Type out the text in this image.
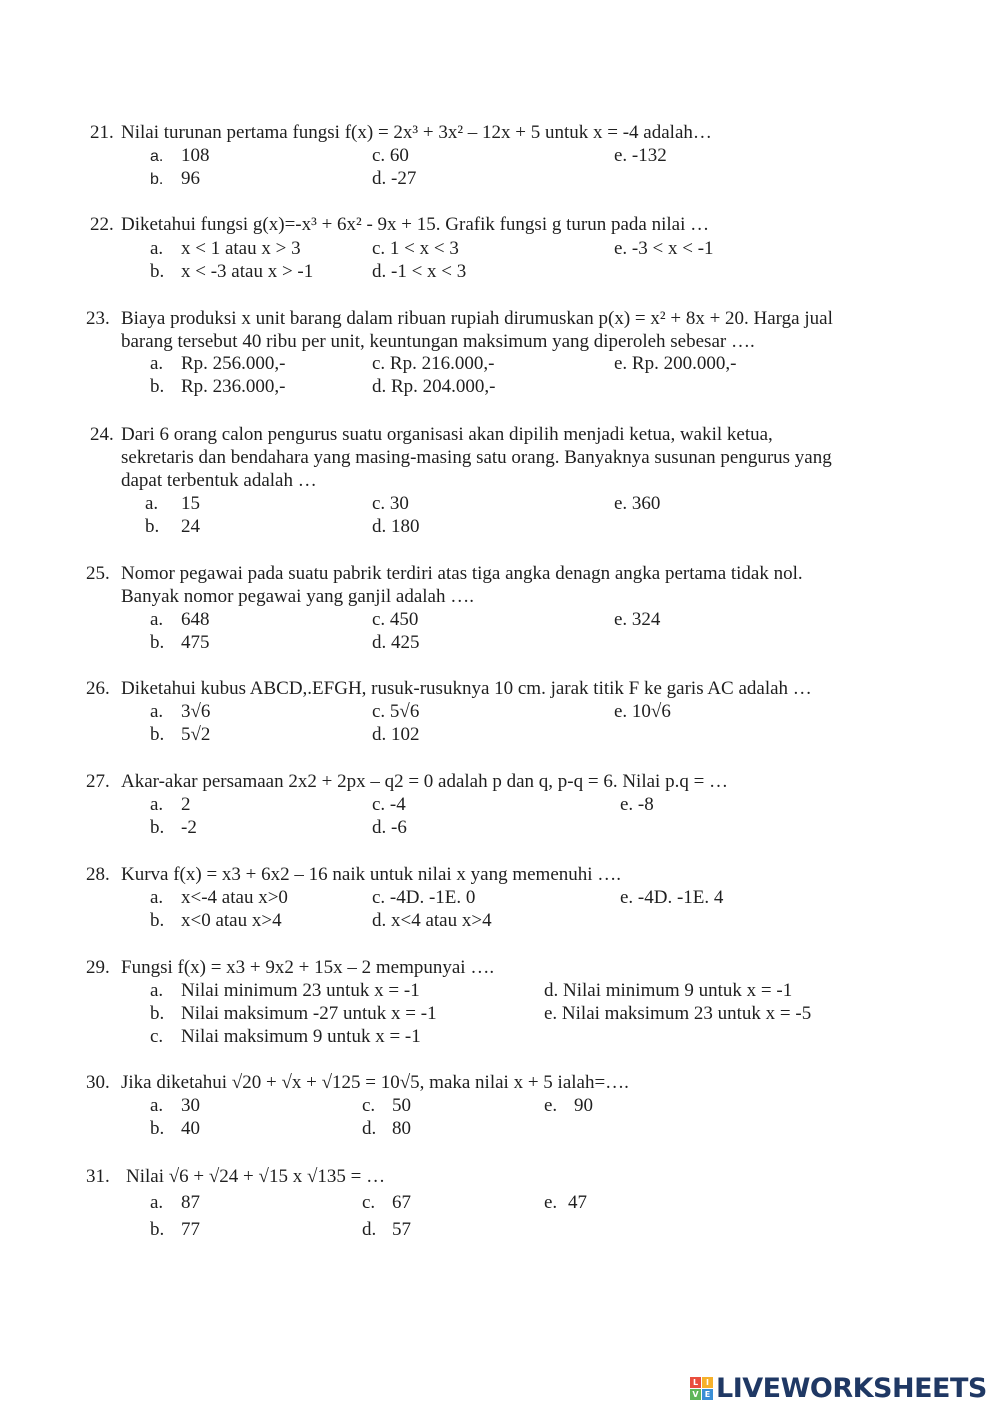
21. Nilai turunan pertama fungsi f(x) = 2x³ + 3x² – 12x + 5 untuk x = -4 adalah…
a. 108
b. 96
c. 60
d. -27
e. -132
22. Diketahui fungsi g(x)=-x³ + 6x² - 9x + 15. Grafik fungsi g turun pada nilai …
a. x < 1 atau x > 3
b. x < -3 atau x > -1
c. 1 < x < 3
d. -1 < x < 3
e. -3 < x < -1
23. Biaya produksi x unit barang dalam ribuan rupiah dirumuskan p(x) = x² + 8x + 20. Harga jual
barang tersebut 40 ribu per unit, keuntungan maksimum yang diperoleh sebesar ….
a. Rp. 256.000,-
b. Rp. 236.000,-
c. Rp. 216.000,-
d. Rp. 204.000,-
e. Rp. 200.000,-
24. Dari 6 orang calon pengurus suatu organisasi akan dipilih menjadi ketua, wakil ketua,
sekretaris dan bendahara yang masing-masing satu orang. Banyaknya susunan pengurus yang
dapat terbentuk adalah …
a. 15
b. 24
c. 30
d. 180
e. 360
25. Nomor pegawai pada suatu pabrik terdiri atas tiga angka denagn angka pertama tidak nol.
Banyak nomor pegawai yang ganjil adalah ….
a. 648
b. 475
c. 450
d. 425
e. 324
26. Diketahui kubus ABCD,.EFGH, rusuk-rusuknya 10 cm. jarak titik F ke garis AC adalah …
a. 3√6
b. 5√2
c. 5√6
d. 102
e. 10√6
27. Akar-akar persamaan 2x2 + 2px – q2 = 0 adalah p dan q, p-q = 6. Nilai p.q = …
a. 2
b. -2
c. -4
d. -6
e. -8
28. Kurva f(x) = x3 + 6x2 – 16 naik untuk nilai x yang memenuhi ….
a. x<-4 atau x>0
b. x<0 atau x>4
c. -4D. -1E. 0
d. x<4 atau x>4
e. -4D. -1E. 4
29. Fungsi f(x) = x3 + 9x2 + 15x – 2 mempunyai ….
a. Nilai minimum 23 untuk x = -1
b. Nilai maksimum -27 untuk x = -1
c. Nilai maksimum 9 untuk x = -1
d. Nilai minimum 9 untuk x = -1
e. Nilai maksimum 23 untuk x = -5
30. Jika diketahui √20 + √x + √125 = 10√5, maka nilai x + 5 ialah=….
a. 30
b. 40
c. 50
d. 80
e. 90
31. Nilai √6 + √24 + √15 x √135 = …
a. 87
b. 77
c. 67
d. 57
e. 47
L I
V E LIVEWORKSHEETS
